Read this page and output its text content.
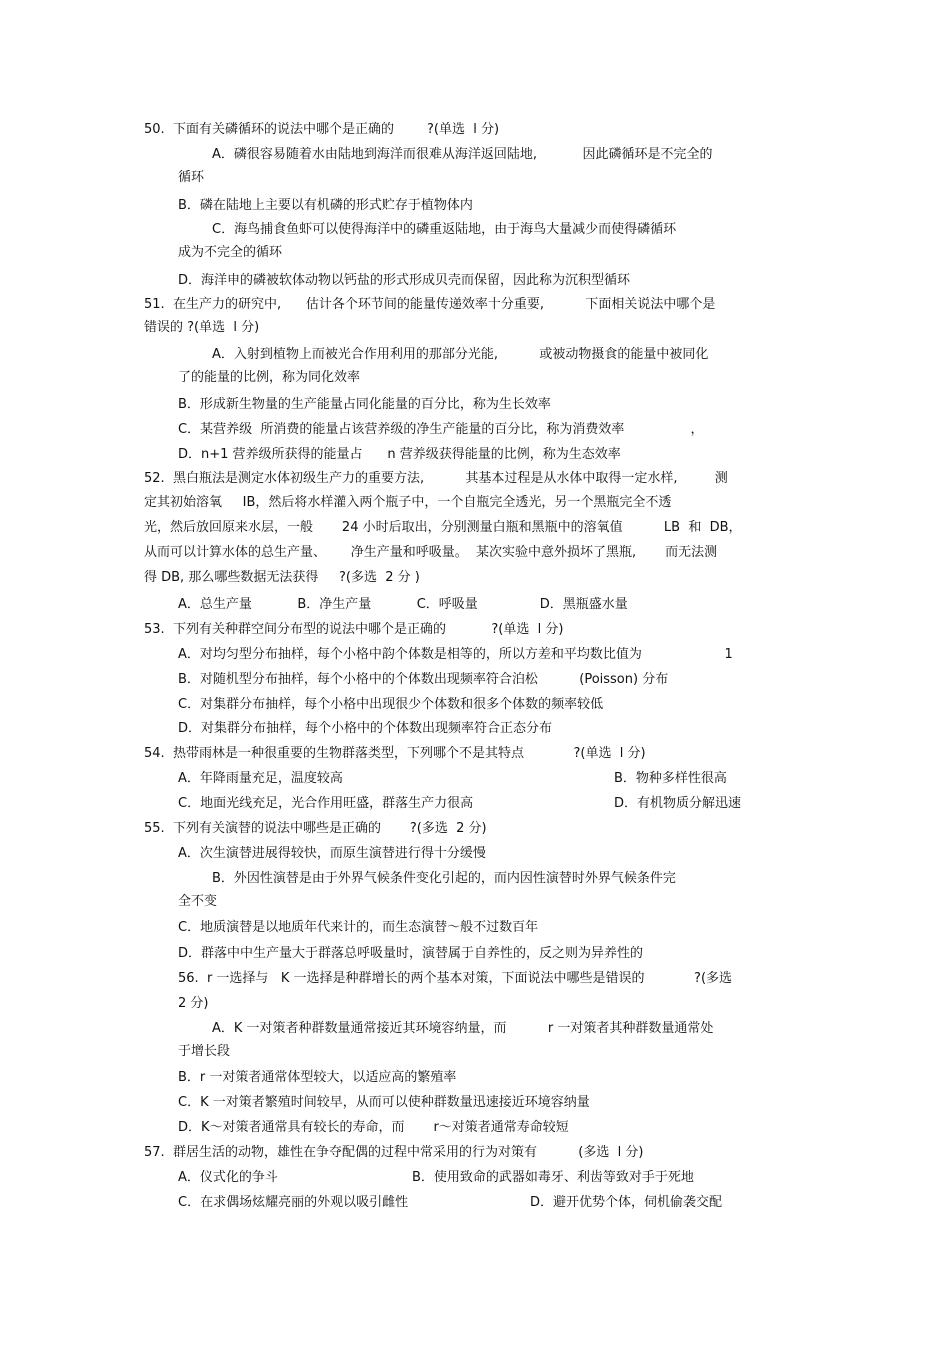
50.  下面有关磷循环的说法中哪个是正确的        ?(单选  l 分)
A．磷很容易随着水由陆地到海洋而很难从海洋返回陆地,           因此磷循环是不完全的
循环
B．磷在陆地上主要以有机磷的形式贮存于植物体内
C．海鸟捕食鱼虾可以使得海洋中的磷重返陆地，由于海鸟大量减少而使得磷循环
成为不完全的循环
D．海洋申的磷被软体动物以钙盐的形式形成贝壳而保留，因此称为沉积型循环
51.  在生产力的研究中,      估计各个环节间的能量传递效率十分重要,          下面相关说法中哪个是
错误的 ?(单选  l 分)
A．入射到植物上而被光合作用利用的那部分光能,          或被动物摄食的能量中被同化
了的能量的比例，称为同化效率
B．形成新生物量的生产能量占同化能量的百分比，称为生长效率
C．某营养级  所消费的能量占该营养级的净生产能量的百分比，称为消费效率                ，
D．n+1 营养级所获得的能量占      n 营养级获得能量的比例，称为生态效率
52.  黑白瓶法是测定水体初级生产力的重要方法,          其基本过程是从水体中取得一定水样,         测
定其初始溶氧     IB，然后将水样灌入两个瓶子中，一个自瓶完全透光，另一个黑瓶完全不透
光，然后放回原来水层，一般       24 小时后取出，分别测量白瓶和黑瓶中的溶氧值          LB  和  DB，
从而可以计算水体的总生产量、      净生产量和呼吸量。  某次实验中意外损坏了黑瓶,       而无法测
得 DB, 那么哪些数据无法获得     ?(多选  2 分 )
A．总生产量           B．净生产量           C．呼吸量               D．黑瓶盛水量
53.  下列有关种群空间分布型的说法中哪个是正确的           ?(单选  l 分)
A．对均匀型分布抽样，每个小格中韵个体数是相等的，所以方差和平均数比值为                    1
B．对随机型分布抽样，每个小格中的个体数出现频率符合泊松          (Poisson) 分布
C．对集群分布抽样，每个小格中出现很少个体数和很多个体数的频率较低
D．对集群分布抽样，每个小格中的个体数出现频率符合正态分布
54.  热带雨林是一种很重要的生物群落类型，下列哪个不是其特点            ?(单选  l 分)
A．年降雨量充足，温度较高	B．物种多样性很高
C．地面光线充足，光合作用旺盛，群落生产力很高	D．有机物质分解迅速
55.  下列有关演替的说法中哪些是正确的       ?(多选  2 分)
A．次生演替进展得较快，而原生演替进行得十分缓慢
B．外因性演替是由于外界气候条件变化引起的，而内因性演替时外界气候条件完
全不变
C．地质演替是以地质年代来计的，而生态演替～般不过数百年
D．群落中中生产量大于群落总呼吸量时，演替属于自养性的，反之则为异养性的
56.  r 一选择与   K 一选择是种群增长的两个基本对策，下面说法中哪些是错误的            ?(多选
2 分)
A．K 一对策者种群数量通常接近其环境容纳量，而          r 一对策者其种群数量通常处
于增长段
B．r 一对策者通常体型较大，以适应高的繁殖率
C．K 一对策者繁殖时间较早，从而可以使种群数量迅速接近环境容纳量
D．K～对策者通常具有较长的寿命，而       r～对策者通常寿命较短
57.  群居生活的动物，雄性在争夺配偶的过程中常采用的行为对策有          (多选  l 分)
A．仪式化的争斗	B．使用致命的武器如毒牙、利齿等致对手于死地
C．在求偶场炫耀亮丽的外观以吸引雌性	D．避开优势个体，伺机偷袭交配
